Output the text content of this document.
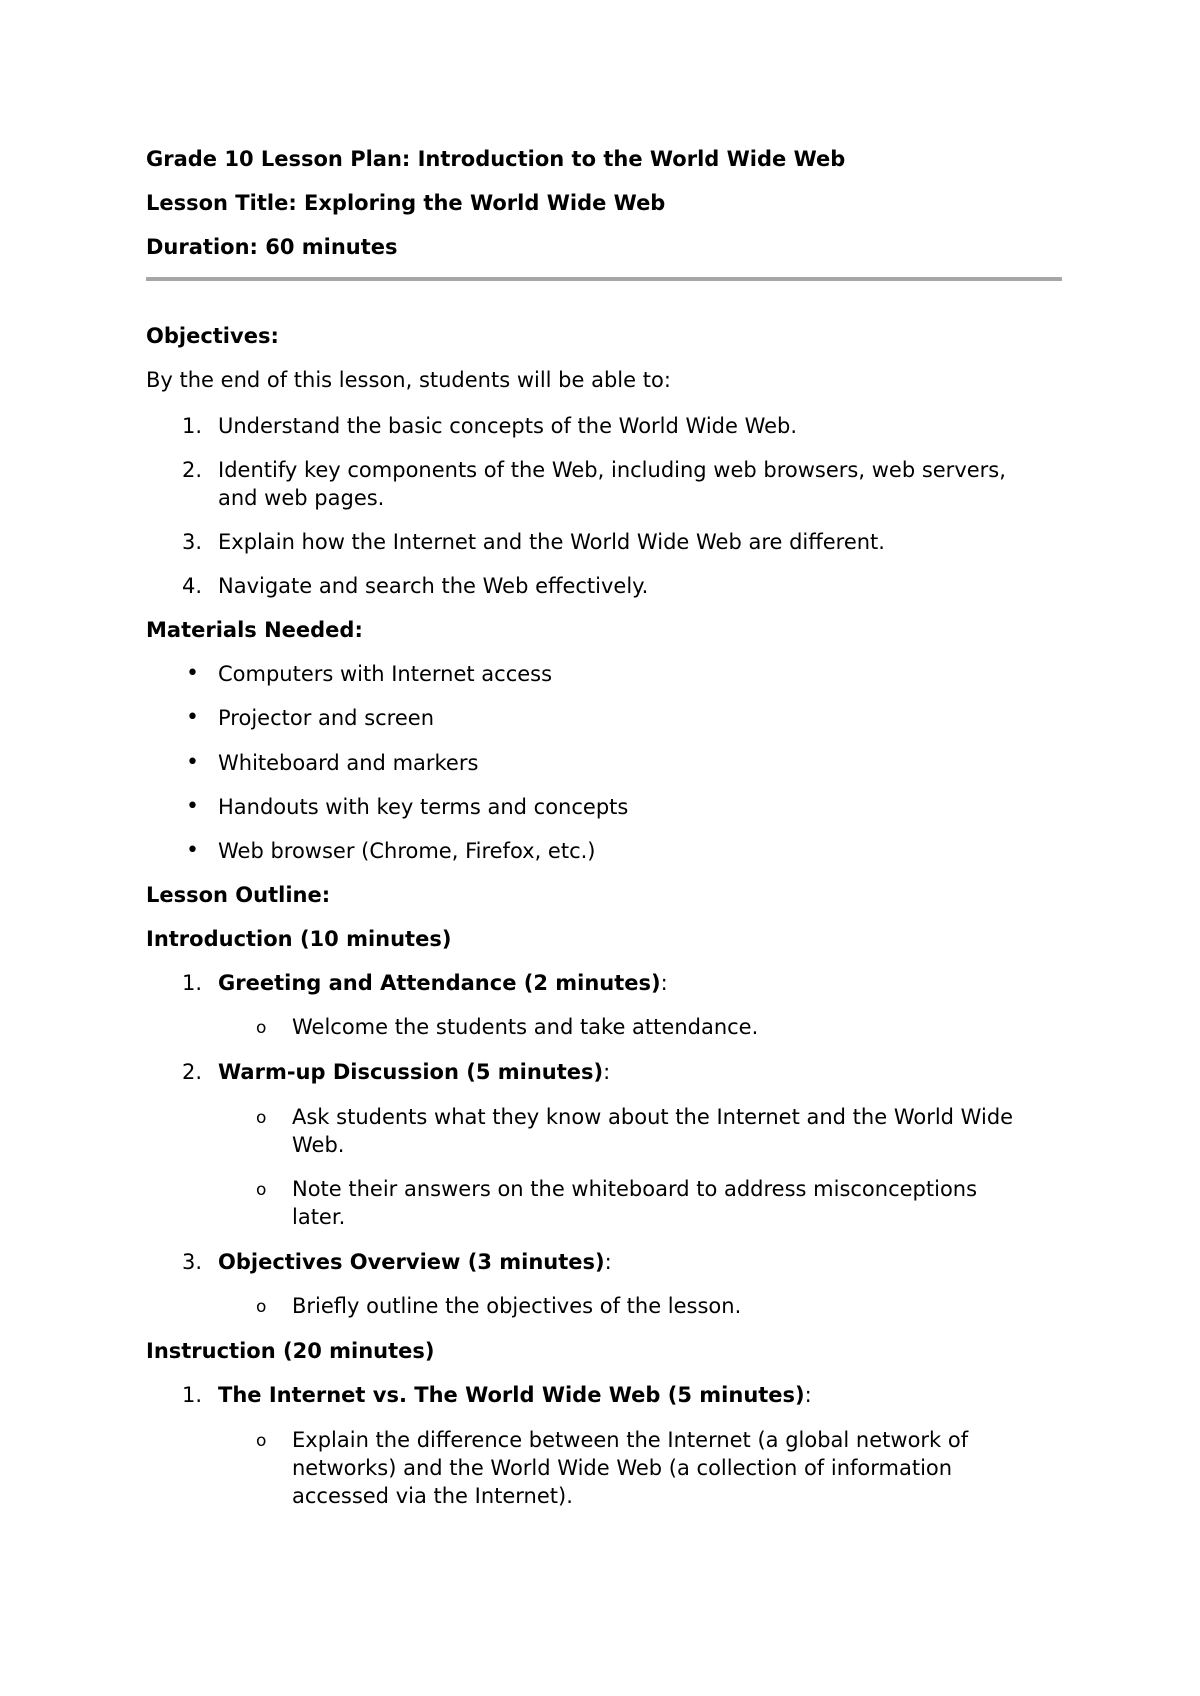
Grade 10 Lesson Plan: Introduction to the World Wide Web
Lesson Title: Exploring the World Wide Web
Duration: 60 minutes
Objectives:
By the end of this lesson, students will be able to:
1. Understand the basic concepts of the World Wide Web.
2. Identify key components of the Web, including web browsers, web servers,
and web pages.
3. Explain how the Internet and the World Wide Web are different.
4. Navigate and search the Web effectively.
Materials Needed:
• Computers with Internet access
• Projector and screen
• Whiteboard and markers
• Handouts with key terms and concepts
• Web browser (Chrome, Firefox, etc.)
Lesson Outline:
Introduction (10 minutes)
1. Greeting and Attendance (2 minutes):
o Welcome the students and take attendance.
2. Warm-up Discussion (5 minutes):
o Ask students what they know about the Internet and the World Wide
Web.
o Note their answers on the whiteboard to address misconceptions
later.
3. Objectives Overview (3 minutes):
o Briefly outline the objectives of the lesson.
Instruction (20 minutes)
1. The Internet vs. The World Wide Web (5 minutes):
o Explain the difference between the Internet (a global network of
networks) and the World Wide Web (a collection of information
accessed via the Internet).
